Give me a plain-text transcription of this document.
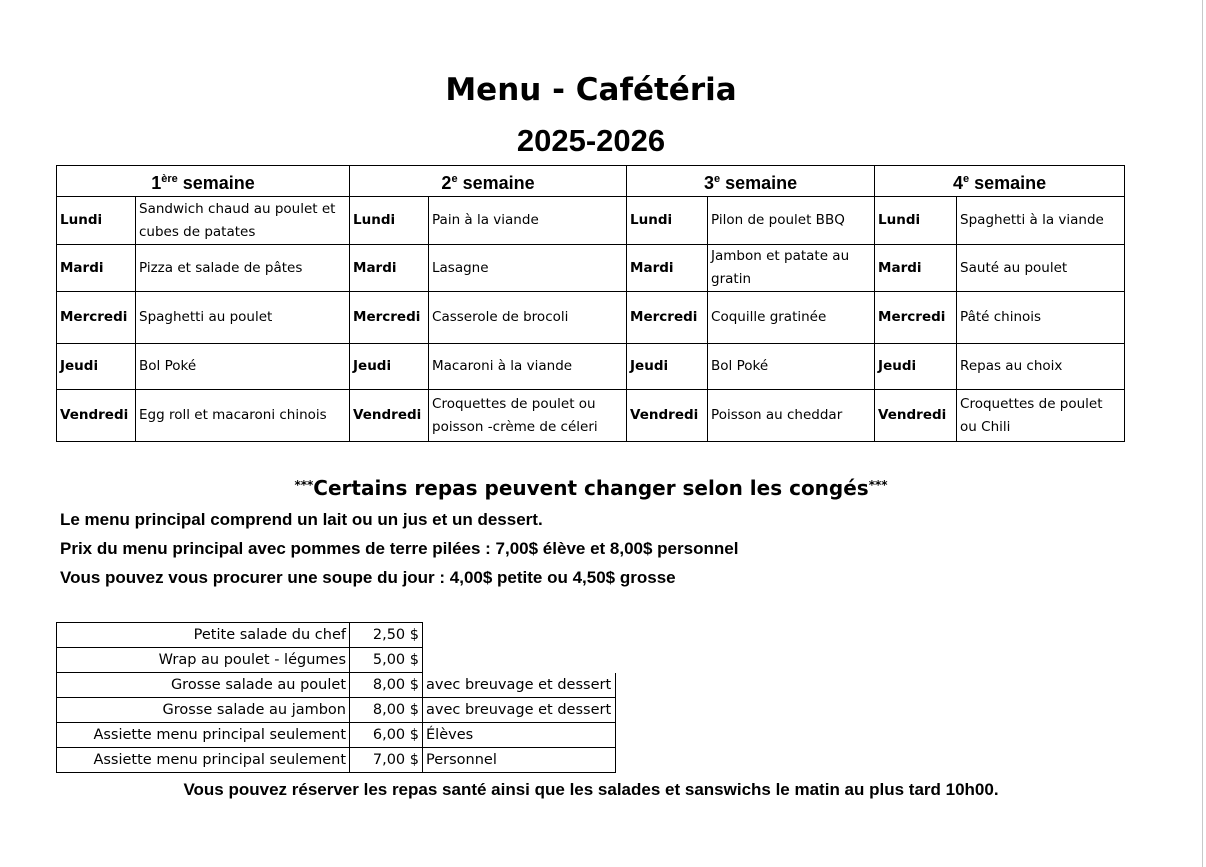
Menu - Cafétéria
2025-2026
1ère semaine		2e semaine		3e semaine		4e semaine	
Lundi	Sandwich chaud au poulet et cubes de patates	Lundi	Pain à la viande	Lundi	Pilon de poulet BBQ	Lundi	Spaghetti à la viande
Mardi	Pizza et salade de pâtes	Mardi	Lasagne	Mardi	Jambon et patate au gratin	Mardi	Sauté au poulet
Mercredi	Spaghetti au poulet	Mercredi	Casserole de brocoli	Mercredi	Coquille gratinée	Mercredi	Pâté chinois
Jeudi	Bol Poké	Jeudi	Macaroni à la viande	Jeudi	Bol Poké	Jeudi	Repas au choix
Vendredi	Egg roll et macaroni chinois	Vendredi	Croquettes de poulet ou poisson -crème de céleri	Vendredi	Poisson au cheddar	Vendredi	Croquettes de poulet ou Chili
***Certains repas peuvent changer selon les congés***
Le menu principal comprend un lait ou un jus et un dessert.
Prix du menu principal avec pommes de terre pilées : 7,00$ élève et 8,00$ personnel
Vous pouvez vous procurer une soupe du jour : 4,00$ petite ou 4,50$ grosse
Petite salade du chef	2,50 $	
Wrap au poulet - légumes	5,00 $	
Grosse salade au poulet	8,00 $	avec breuvage et dessert
Grosse salade au jambon	8,00 $	avec breuvage et dessert
Assiette menu principal seulement	6,00 $	Élèves
Assiette menu principal seulement	7,00 $	Personnel
Vous pouvez réserver les repas santé ainsi que les salades et sanswichs le matin au plus tard 10h00.
